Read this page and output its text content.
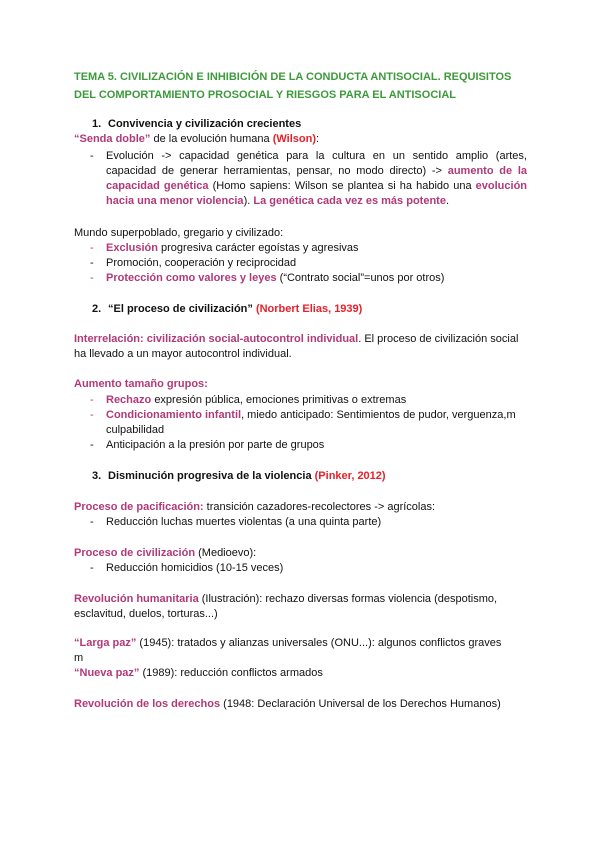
TEMA 5. CIVILIZACIÓN E INHIBICIÓN DE LA CONDUCTA ANTISOCIAL. REQUISITOS
DEL COMPORTAMIENTO PROSOCIAL Y RIESGOS PARA EL ANTISOCIAL
1. Convivencia y civilización crecientes
“Senda doble” de la evolución humana (Wilson):
- Evolución -> capacidad genética para la cultura en un sentido amplio (artes, capacidad de generar herramientas, pensar, no modo directo) -> aumento de la capacidad genética (Homo sapiens: Wilson se plantea si ha habido una evolución hacia una menor violencia). La genética cada vez es más potente.
Mundo superpoblado, gregario y civilizado:
- Exclusión progresiva carácter egoístas y agresivas
- Promoción, cooperación y reciprocidad
- Protección como valores y leyes (“Contrato social”=unos por otros)
2. “El proceso de civilización” (Norbert Elias, 1939)
Interrelación: civilización social-autocontrol individual. El proceso de civilización social ha llevado a un mayor autocontrol individual.
Aumento tamaño grupos:
- Rechazo expresión pública, emociones primitivas o extremas
- Condicionamiento infantil, miedo anticipado: Sentimientos de pudor, verguenza,m
culpabilidad
- Anticipación a la presión por parte de grupos
3. Disminución progresiva de la violencia (Pinker, 2012)
Proceso de pacificación: transición cazadores-recolectores -> agrícolas:
- Reducción luchas muertes violentas (a una quinta parte)
Proceso de civilización (Medioevo):
- Reducción homicidios (10-15 veces)
Revolución humanitaria (Ilustración): rechazo diversas formas violencia (despotismo, esclavitud, duelos, torturas...)
“Larga paz” (1945): tratados y alianzas universales (ONU...): algunos conflictos graves
m
“Nueva paz” (1989): reducción conflictos armados
Revolución de los derechos (1948: Declaración Universal de los Derechos Humanos)
